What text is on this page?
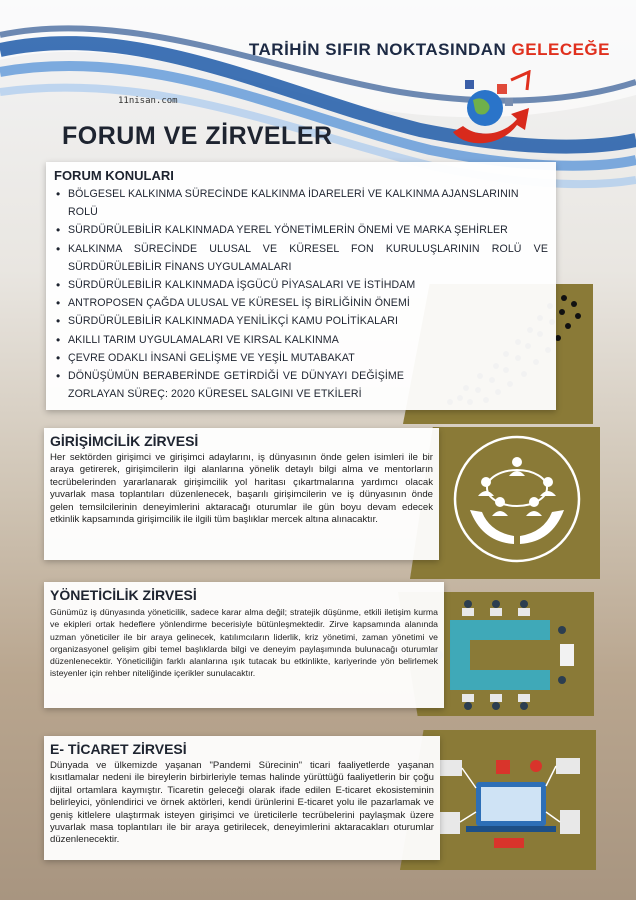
TARİHİN SIFIR NOKTASINDAN GELECEĞE
11nisan.com
FORUM VE ZİRVELER
FORUM KONULARI
• BÖLGESEL KALKINMA SÜRECİNDE KALKINMA İDARELERİ VE KALKINMA AJANSLARININ ROLÜ
• SÜRDÜRÜLEBİLİR KALKINMADA YEREL YÖNETİMLERİN ÖNEMİ VE MARKA ŞEHİRLER
• KALKINMA SÜRECİNDE ULUSAL VE KÜRESEL FON KURULUŞLARININ ROLÜ VE SÜRDÜRÜLEBİLİR FİNANS UYGULAMALARI
• SÜRDÜRÜLEBİLİR KALKINMADA İŞGÜCÜ PİYASALARI VE İSTİHDAM
• ANTROPOSEN ÇAĞDA ULUSAL VE KÜRESEL İŞ BİRLİĞİNİN ÖNEMİ
• SÜRDÜRÜLEBİLİR KALKINMADA YENİLİKÇİ KAMU POLİTİKALARI
• AKILLI TARIM UYGULAMALARI VE KIRSAL KALKINMA
• ÇEVRE ODAKLI İNSANİ GELİŞME VE YEŞİL MUTABAKAT
• DÖNÜŞÜMÜN BERABERİNDE GETİRDİĞİ VE DÜNYAYI DEĞİŞİME ZORLAYAN SÜREÇ: 2020 KÜRESEL SALGINI VE ETKİLERİ
GİRİŞİMCİLİK ZİRVESİ

Her sektörden girişimci ve girişimci adaylarını, iş dünyasının önde gelen isimleri ile bir araya getirerek, girişimcilerin ilgi alanlarına yönelik detaylı bilgi alma ve mentorların tecrübelerinden yararlanarak girişimcilik yol haritası çıkartmalarına yardımcı olacak yuvarlak masa toplantıları düzenlenecek, başarılı girişimcilerin ve iş dünyasının önde gelen temsilcilerinin deneyimlerini aktaracağı oturumlar ile gün boyu devam edecek etkinlik kapsamında girişimcilik ile ilgili tüm başlıklar mercek altına alınacaktır.

YÖNETİCİLİK ZİRVESİ

Günümüz iş dünyasında yöneticilik, sadece karar alma değil; stratejik düşünme, etkili iletişim kurma ve ekipleri ortak hedeflere yönlendirme becerisiyle bütünleşmektedir. Zirve kapsamında alanında uzman yöneticiler ile bir araya gelinecek, katılımcıların liderlik, kriz yönetimi, zaman yönetimi ve organizasyonel gelişim gibi temel başlıklarda bilgi ve deneyim paylaşımında bulunacağı oturumlar düzenlenecektir. Yöneticiliğin farklı alanlarına ışık tutacak bu etkinlikte, kariyerinde yön belirlemek isteyenler için rehber niteliğinde içerikler sunulacaktır.

E- TİCARET ZİRVESİ

Dünyada ve ülkemizde yaşanan "Pandemi Sürecinin" ticari faaliyetlerde yaşanan kısıtlamalar nedeni ile bireylerin birbirleriyle temas halinde yürüttüğü faaliyetlerin bir çoğu dijital ortamlara kaymıştır. Ticaretin geleceği olarak ifade edilen E-ticaret ekosisteminin belirleyici, yönlendirici ve örnek aktörleri, kendi ürünlerini E-ticaret yolu ile pazarlamak ve geniş kitlelere ulaştırmak isteyen girişimci ve üreticilerle tecrübelerini paylaşmak üzere yuvarlak masa toplantıları ile bir araya getirilecek, deneyimlerini aktaracakları oturumlar düzenlenecektir.
